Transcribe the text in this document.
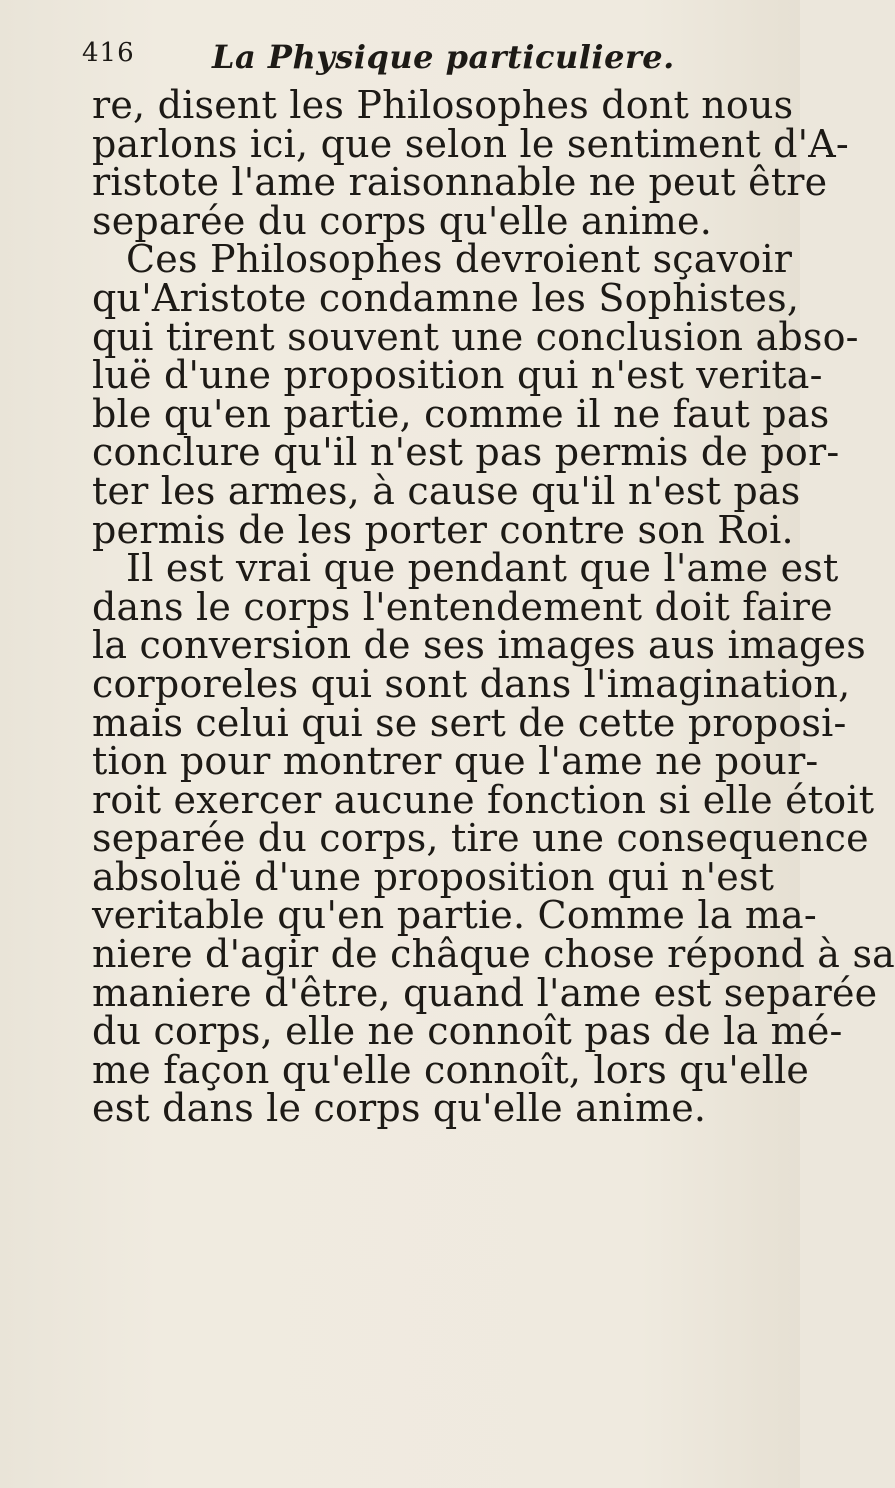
416 La Physique particuliere.
re, disent les Philosophes dont nous
parlons ici, que selon le sentiment d'A-
ristote l'ame raisonnable ne peut être
separée du corps qu'elle anime.
Ces Philosophes devroient sçavoir
qu'Aristote condamne les Sophistes,
qui tirent souvent une conclusion abso-
luë d'une proposition qui n'est verita-
ble qu'en partie, comme il ne faut pas
conclure qu'il n'est pas permis de por-
ter les armes, à cause qu'il n'est pas
permis de les porter contre son Roi.
Il est vrai que pendant que l'ame est
dans le corps l'entendement doit faire
la conversion de ses images aus images
corporeles qui sont dans l'imagination,
mais celui qui se sert de cette proposi-
tion pour montrer que l'ame ne pour-
roit exercer aucune fonction si elle étoit
separée du corps, tire une consequence
absoluë d'une proposition qui n'est
veritable qu'en partie. Comme la ma-
niere d'agir de châque chose répond à sa
maniere d'être, quand l'ame est separée
du corps, elle ne connoît pas de la mé-
me façon qu'elle connoît, lors qu'elle
est dans le corps qu'elle anime.
